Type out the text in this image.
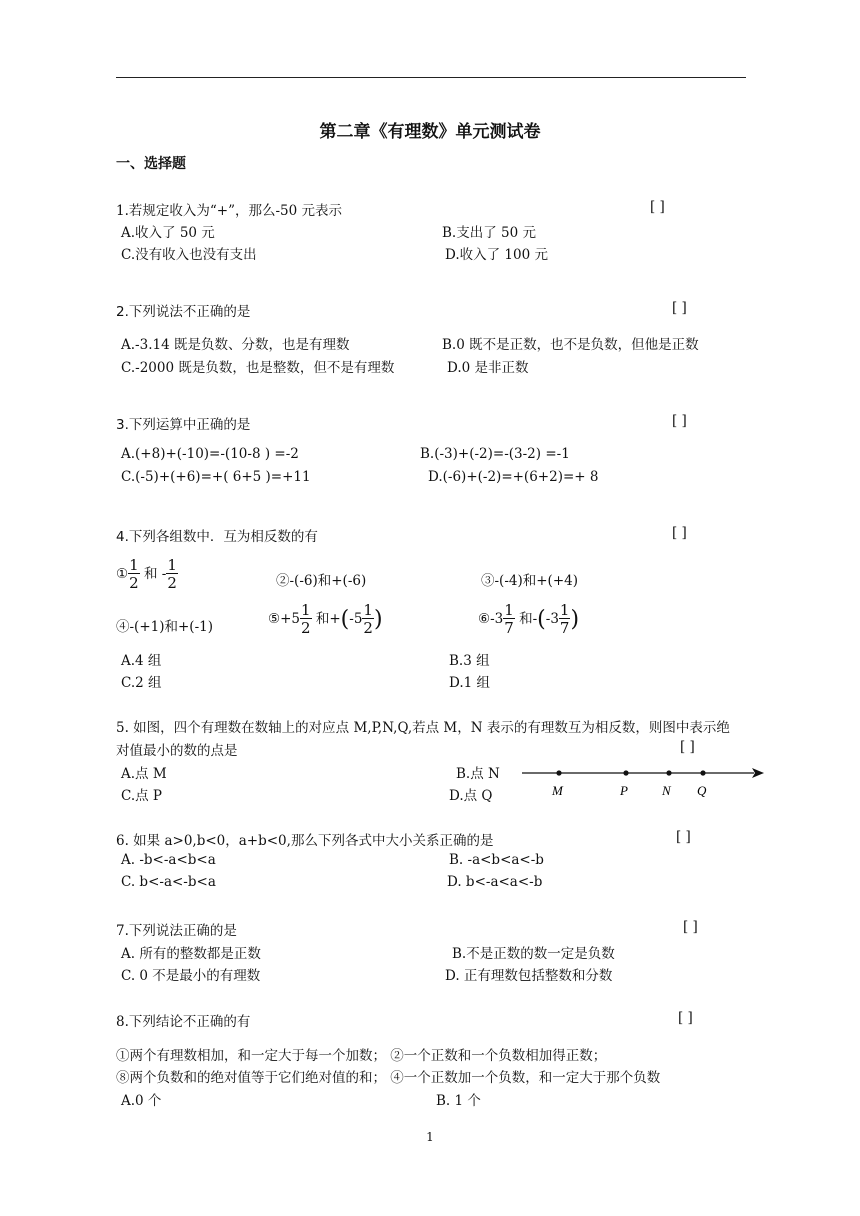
第二章《有理数》单元测试卷
一、选择题
1.若规定收入为“+”，那么-50 元表示	[ ]
A.收入了 50 元	B.支出了 50 元
C.没有收入也没有支出	D.收入了 100 元
2.下列说法不正确的是	[ ]
A.-3.14 既是负数、分数，也是有理数	B.0 既不是正数，也不是负数，但他是正数
C.-2000 既是负数，也是整数，但不是有理数	D.0 是非正数
3.下列运算中正确的是	[ ]
A.(+8)+(-10)=-(10-8 ) =-2	B.(-3)+(-2)=-(3-2) =-1
C.(-5)+(+6)=+( 6+5 )=+11	D.(-6)+(-2)=+(6+2)=+ 8
4.下列各组数中．互为相反数的有	[ ]
① $\frac{1}{2}$ 和 - $\frac{1}{2}$	②-(-6)和+(-6)	③-(-4)和+(+4)
④-(+1)和+(-1)	⑤+5 $\frac{1}{2}$ 和$+(-5 \frac{1}{2}$ )	⑥-3 $\frac{1}{7}$ 和$-(-3 \frac{1}{7}$ )
A.4 组	B.3 组
C.2 组	D.1 组
5. 如图，四个有理数在数轴上的对应点 M,P,N,Q,若点 M，N 表示的有理数互为相反数，则图中表示绝
对值最小的数的点是	[ ]
A.点 M	B.点 N
C.点 P	D.点 Q	M	P	N Q
6. 如果 a>0,b<0，a+b<0,那么下列各式中大小关系正确的是	[ ]
A. -b<-a<b<a	B. -a<b<a<-b
C. b<-a<-b<a	D. b<-a<a<-b
7.下列说法正确的是	[ ]
A. 所有的整数都是正数	B.不是正数的数一定是负数
C. 0 不是最小的有理数	D. 正有理数包括整数和分数
8.下列结论不正确的有	[ ]
①两个有理数相加，和一定大于每一个加数； ②一个正数和一个负数相加得正数；
⑧两个负数和的绝对值等于它们绝对值的和； ④一个正数加一个负数，和一定大于那个负数
A.0 个	B. 1 个
1
